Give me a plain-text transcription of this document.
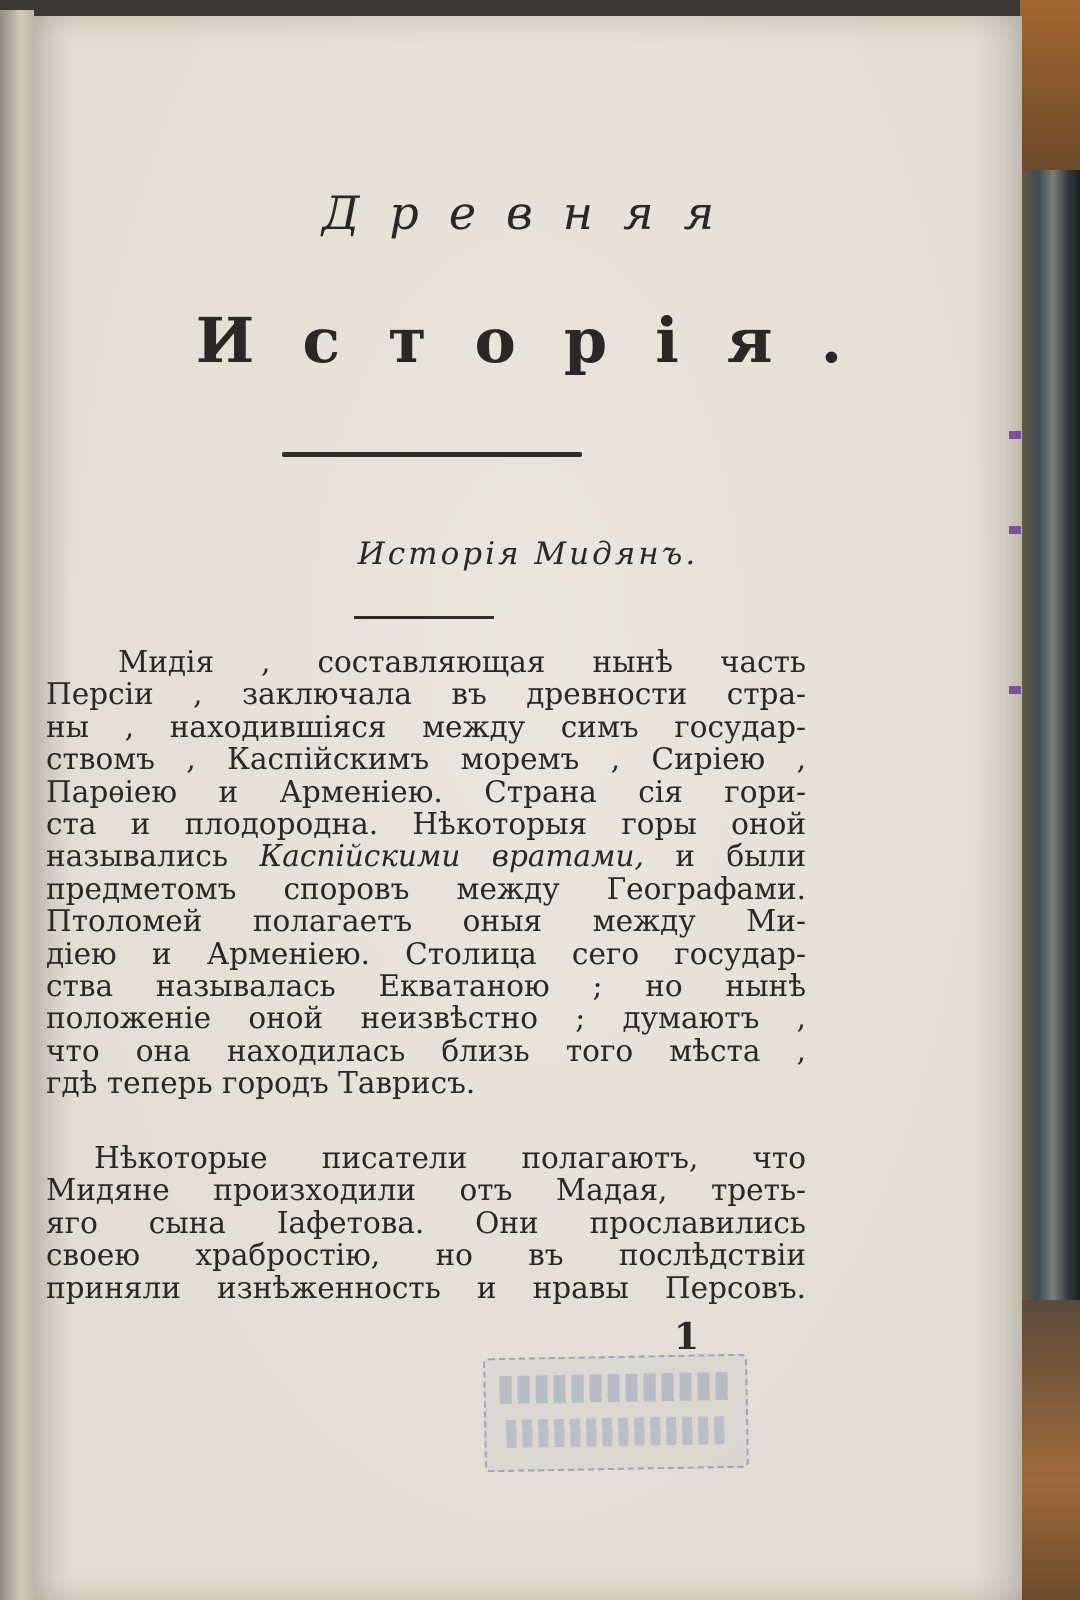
Древняя
Исторія.
Исторія Мидянъ.
Мидія , составляющая нынѣ часть
Персіи , заключала въ древности стра-
ны , находившіяся между симъ государ-
ствомъ , Каспійскимъ моремъ , Сиріею ,
Парѳіею и Арменіею. Страна сія гори-
ста и плодородна. Нѣкоторыя горы оной
назывались Каспійскими вратами, и были
предметомъ споровъ между Географами.
Птоломей полагаетъ оныя между Ми-
діею и Арменіею. Столица сего государ-
ства называлась Екватаною ; но нынѣ
положеніе оной неизвѣстно ; думаютъ ,
что она находилась близь того мѣста ,
гдѣ теперь городъ Таврисъ.
Нѣкоторые писатели полагаютъ, что
Мидяне произходили отъ Мадая, треть-
яго сына Іафетова. Они прославились
своею храбростію, но въ послѣдствіи
приняли изнѣженность и нравы Персовъ.
1
